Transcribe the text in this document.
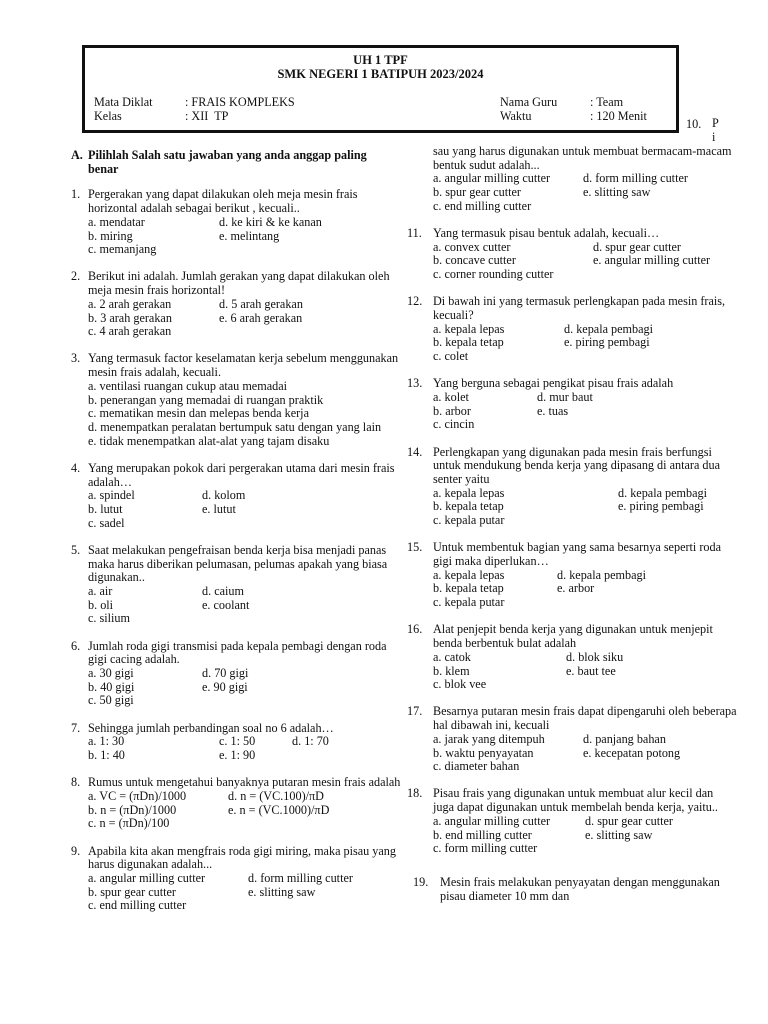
UH 1 TPF
SMK NEGERI 1 BATIPUH 2023/2024
Mata Diklat	: FRAIS KOMPLEKS
Kelas	: XII  TP
Nama Guru	: Team
Waktu	: 120 Menit
10. P
i
A. Pilihlah Salah satu jawaban yang anda anggap paling benar
1. Pergerakan yang dapat dilakukan oleh meja mesin frais horizontal adalah sebagai berikut , kecuali..
a. mendatar	d. ke kiri & ke kanan
b. miring	e. melintang
c. memanjang
2. Berikut ini adalah. Jumlah gerakan yang dapat dilakukan oleh meja mesin frais horizontal!
a. 2 arah gerakan	d. 5 arah gerakan
b. 3 arah gerakan	e. 6 arah gerakan
c. 4 arah gerakan
3. Yang termasuk factor keselamatan kerja sebelum menggunakan mesin frais adalah, kecuali.
a. ventilasi ruangan cukup atau memadai
b. penerangan yang memadai di ruangan praktik
c. mematikan mesin dan melepas benda kerja
d. menempatkan peralatan bertumpuk satu dengan yang lain
e. tidak menempatkan alat-alat yang tajam disaku
4. Yang merupakan pokok dari pergerakan utama dari mesin frais adalah…
a. spindel	d. kolom
b. lutut	e. lutut
c. sadel
5. Saat melakukan pengefraisan benda kerja bisa menjadi panas maka harus diberikan pelumasan, pelumas apakah yang biasa digunakan..
a. air	d. caium
b. oli	e. coolant
c. silium
6. Jumlah roda gigi transmisi pada kepala pembagi dengan roda gigi cacing adalah.
a. 30 gigi	d. 70 gigi
b. 40 gigi	e. 90 gigi
c. 50 gigi
7. Sehingga jumlah perbandingan soal no 6 adalah…
a. 1: 30	c. 1: 50	d. 1: 70
b. 1: 40	e. 1: 90
8. Rumus untuk mengetahui banyaknya putaran mesin frais adalah
a. VC = (πDn)/1000	d. n = (VC.100)/πD
b. n = (πDn)/1000	e. n = (VC.1000)/πD
c. n = (πDn)/100
9. Apabila kita akan mengfrais roda gigi miring, maka pisau yang harus digunakan adalah...
a. angular milling cutter	d. form milling cutter
b. spur gear cutter	e. slitting saw
c. end milling cutter
sau yang harus digunakan untuk membuat bermacam-macam bentuk sudut adalah...
a. angular milling cutter	d. form milling cutter
b. spur gear cutter	e. slitting saw
c. end milling cutter
11. Yang termasuk pisau bentuk adalah, kecuali…
a. convex cutter	d. spur gear cutter
b. concave cutter	e. angular milling cutter
c. corner rounding cutter
12. Di bawah ini yang termasuk perlengkapan pada mesin frais, kecuali?
a. kepala lepas	d. kepala pembagi
b. kepala tetap	e. piring pembagi
c. colet
13. Yang berguna sebagai pengikat pisau frais adalah
a. kolet	d. mur baut
b. arbor	e. tuas
c. cincin
14. Perlengkapan yang digunakan pada mesin frais berfungsi untuk mendukung benda kerja yang dipasang di antara dua senter yaitu
a. kepala lepas	d. kepala pembagi
b. kepala tetap	e. piring pembagi
c. kepala putar
15. Untuk membentuk bagian yang sama besarnya seperti roda gigi maka diperlukan…
a. kepala lepas	d. kepala pembagi
b. kepala tetap	e. arbor
c. kepala putar
16. Alat penjepit benda kerja yang digunakan untuk menjepit benda berbentuk bulat adalah
a. catok	d. blok siku
b. klem	e. baut tee
c. blok vee
17. Besarnya putaran mesin frais dapat dipengaruhi oleh beberapa hal dibawah ini, kecuali
a. jarak yang ditempuh	d. panjang bahan
b. waktu penyayatan	e. kecepatan potong
c. diameter bahan
18. Pisau frais yang digunakan untuk membuat alur kecil dan juga dapat digunakan untuk membelah benda kerja, yaitu..
a. angular milling cutter	d. spur gear cutter
b. end milling cutter	e. slitting saw
c. form milling cutter
19. Mesin frais melakukan penyayatan dengan menggunakan pisau diameter 10 mm dan
